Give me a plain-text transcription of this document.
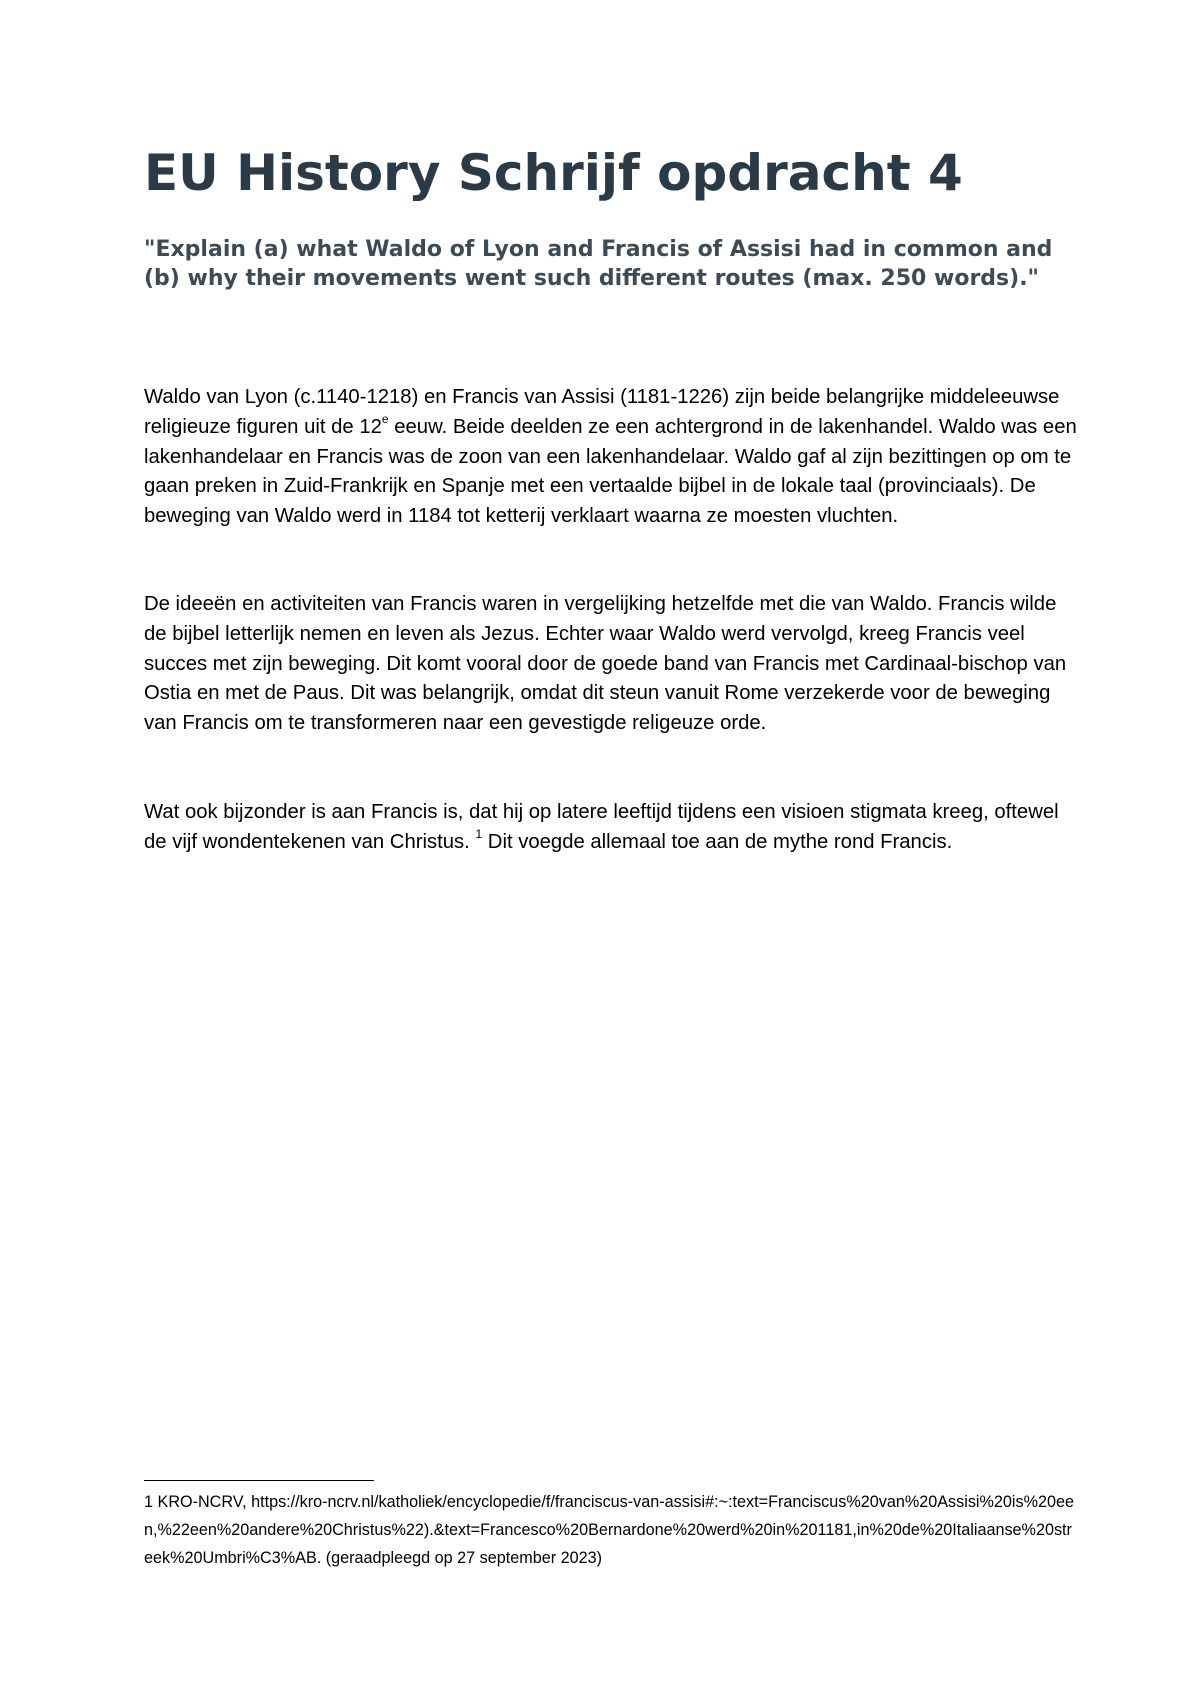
EU History Schrijf opdracht 4
"Explain (a) what Waldo of Lyon and Francis of Assisi had in common and (b) why their movements went such different routes (max. 250 words)."

Waldo van Lyon (c.1140-1218) en Francis van Assisi (1181-1226) zijn beide belangrijke middeleeuwse religieuze figuren uit de 12e eeuw. Beide deelden ze een achtergrond in de lakenhandel. Waldo was een lakenhandelaar en Francis was de zoon van een lakenhandelaar. Waldo gaf al zijn bezittingen op om te gaan preken in Zuid-Frankrijk en Spanje met een vertaalde bijbel in de lokale taal (provinciaals). De beweging van Waldo werd in 1184 tot ketterij verklaart waarna ze moesten vluchten.

De ideeën en activiteiten van Francis waren in vergelijking hetzelfde met die van Waldo. Francis wilde de bijbel letterlijk nemen en leven als Jezus. Echter waar Waldo werd vervolgd, kreeg Francis veel succes met zijn beweging. Dit komt vooral door de goede band van Francis met Cardinaal-bischop van Ostia en met de Paus. Dit was belangrijk, omdat dit steun vanuit Rome verzekerde voor de beweging van Francis om te transformeren naar een gevestigde religeuze orde.

Wat ook bijzonder is aan Francis is, dat hij op latere leeftijd tijdens een visioen stigmata kreeg, oftewel de vijf wondentekenen van Christus. $^1$ Dit voegde allemaal toe aan de mythe rond Francis.

1 KRO-NCRV, https://kro-ncrv.nl/katholiek/encyclopedie/f/franciscus-van-assisi#:~:text=Franciscus%20van%20Assisi%20is%20een,%22een%20andere%20Christus%22).&text=Francesco%20Bernardone%20werd%20in%201181,in%20de%20Italiaanse%20streek%20Umbri%C3%AB. (geraadpleegd op 27 september 2023)
